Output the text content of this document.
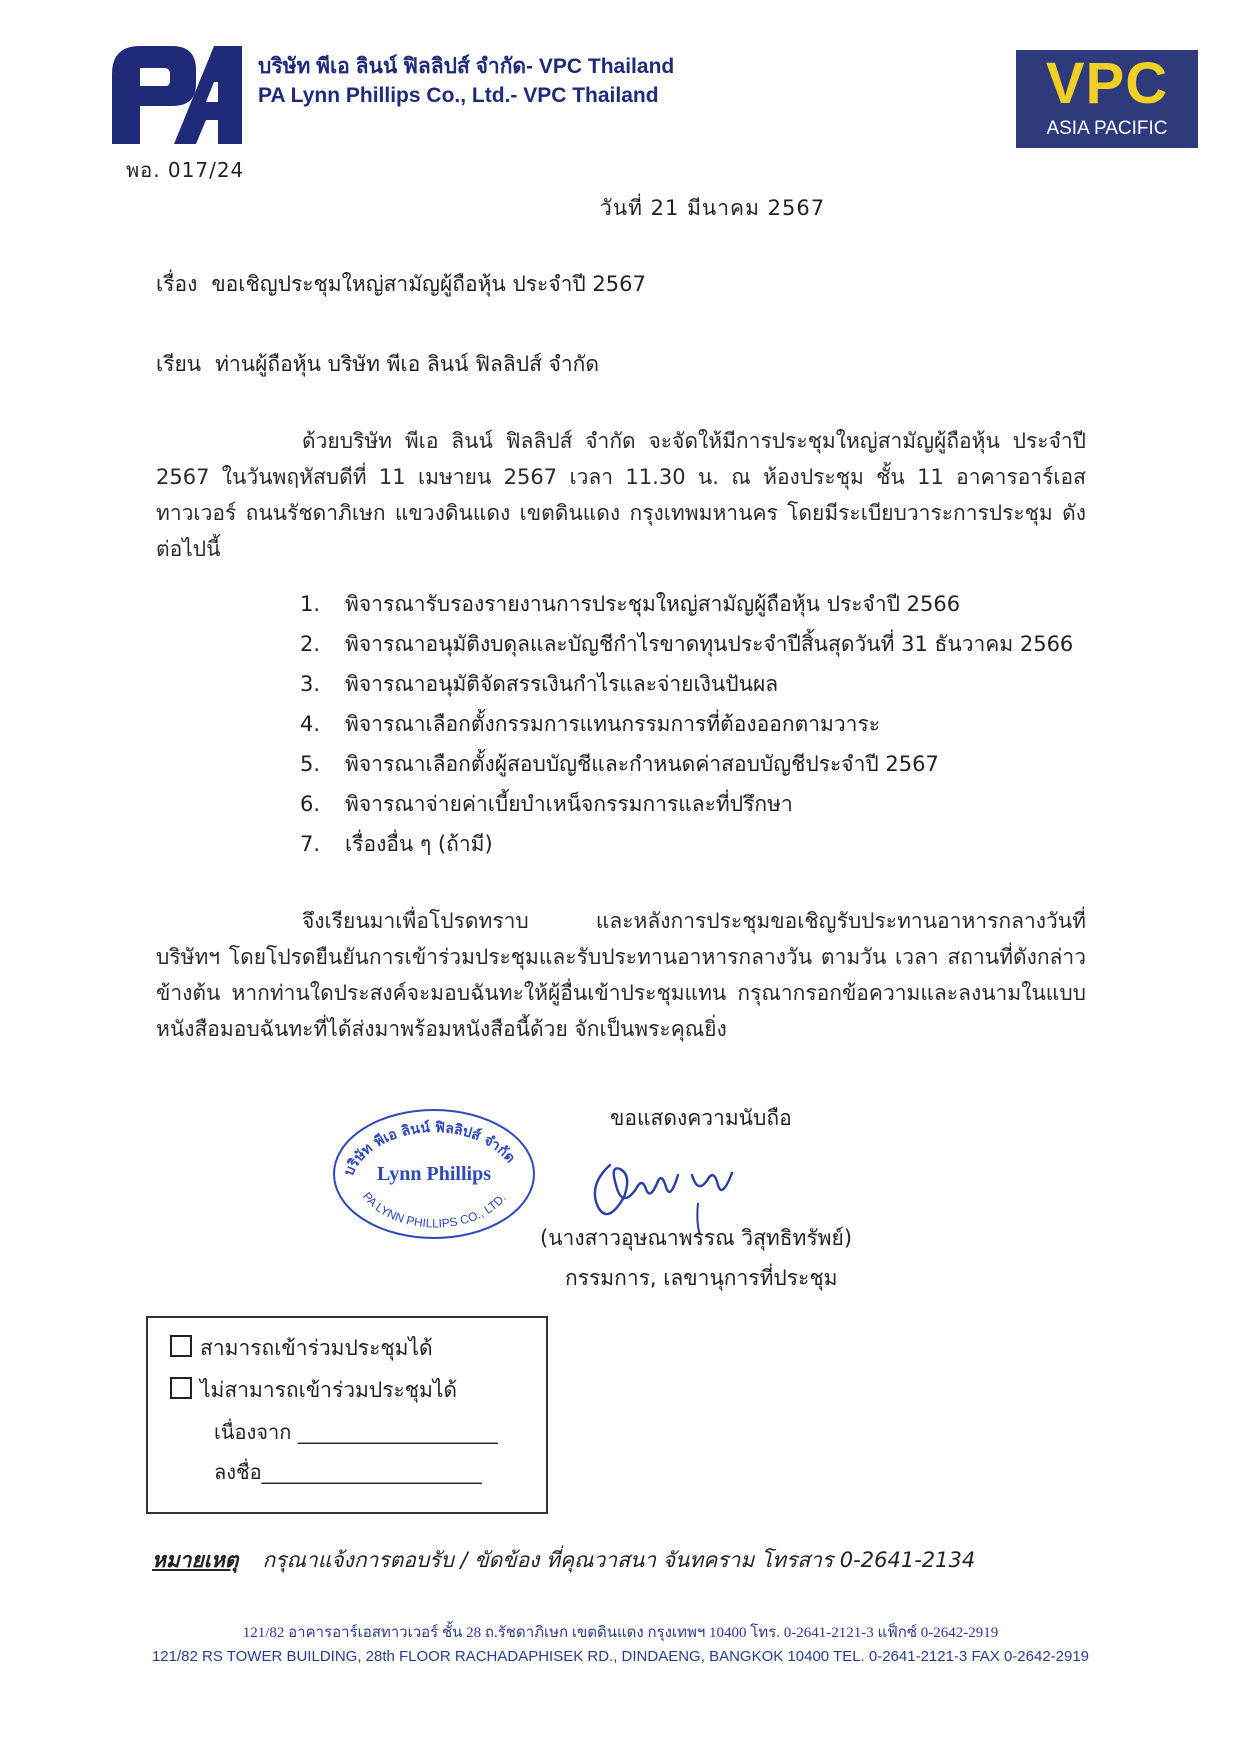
บริษัท พีเอ ลินน์ ฟิลลิปส์ จำกัด- VPC Thailand
PA Lynn Phillips Co., Ltd.- VPC Thailand	VPC
ASIA PACIFIC
พอ. 017/24
วันที่ 21 มีนาคม 2567
เรื่อง ขอเชิญประชุมใหญ่สามัญผู้ถือหุ้น ประจำปี 2567
เรียน ท่านผู้ถือหุ้น บริษัท พีเอ ลินน์ ฟิลลิปส์ จำกัด

ด้วยบริษัท พีเอ ลินน์ ฟิลลิปส์ จำกัด จะจัดให้มีการประชุมใหญ่สามัญผู้ถือหุ้น ประจำปี 2567 ในวันพฤหัสบดีที่ 11 เมษายน 2567 เวลา 11.30 น. ณ ห้องประชุม ชั้น 11 อาคารอาร์เอส ทาวเวอร์ ถนนรัชดาภิเษก แขวงดินแดง เขตดินแดง กรุงเทพมหานคร โดยมีระเบียบวาระการประชุม ดังต่อไปนี้

1. พิจารณารับรองรายงานการประชุมใหญ่สามัญผู้ถือหุ้น ประจำปี 2566
2. พิจารณาอนุมัติงบดุลและบัญชีกำไรขาดทุนประจำปีสิ้นสุดวันที่ 31 ธันวาคม 2566
3. พิจารณาอนุมัติจัดสรรเงินกำไรและจ่ายเงินปันผล
4. พิจารณาเลือกตั้งกรรมการแทนกรรมการที่ต้องออกตามวาระ
5. พิจารณาเลือกตั้งผู้สอบบัญชีและกำหนดค่าสอบบัญชีประจำปี 2567
6. พิจารณาจ่ายค่าเบี้ยบำเหน็จกรรมการและที่ปรึกษา
7. เรื่องอื่น ๆ (ถ้ามี)

จึงเรียนมาเพื่อโปรดทราบ และหลังการประชุมขอเชิญรับประทานอาหารกลางวันที่บริษัทฯ โดยโปรดยืนยันการเข้าร่วมประชุมและรับประทานอาหารกลางวัน ตามวัน เวลา สถานที่ดังกล่าวข้างต้น หากท่านใดประสงค์จะมอบฉันทะให้ผู้อื่นเข้าประชุมแทน กรุณากรอกข้อความและลงนามในแบบหนังสือมอบฉันทะที่ได้ส่งมาพร้อมหนังสือนี้ด้วย จักเป็นพระคุณยิ่ง

บริษัท พีเอ ลินน์ ฟิลลิปส์ จำกัด
Lynn Phillips
PA LYNN PHILLIPS CO., LTD.
ขอแสดงความนับถือ
(นางสาวอุษณาพรรณ วิสุทธิทรัพย์)
กรรมการ, เลขานุการที่ประชุม
สามารถเข้าร่วมประชุมได้
ไม่สามารถเข้าร่วมประชุมได้
เนื่องจาก ____________________
ลงชื่อ______________________
หมายเหตุ กรุณาแจ้งการตอบรับ / ขัดข้อง ที่คุณวาสนา จันทคราม โทรสาร 0-2641-2134
121/82 อาคารอาร์เอสทาวเวอร์ ชั้น 28 ถ.รัชดาภิเษก เขตดินแดง กรุงเทพฯ 10400 โทร. 0-2641-2121-3 แฟ็กซ์ 0-2642-2919
121/82 RS TOWER BUILDING, 28th FLOOR RACHADAPHISEK RD., DINDAENG, BANGKOK 10400 TEL. 0-2641-2121-3 FAX 0-2642-2919
